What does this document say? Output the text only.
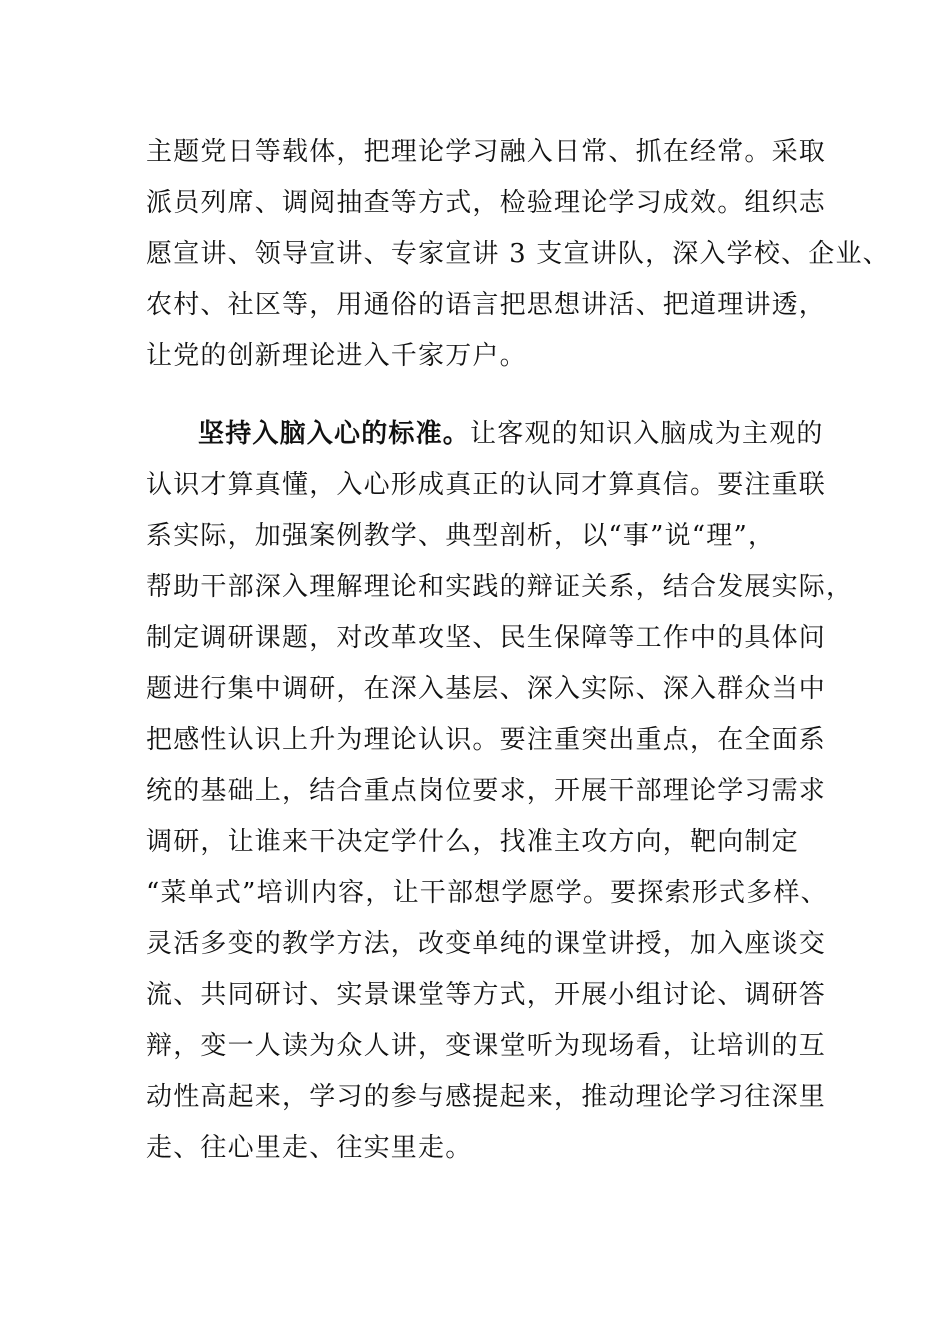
主题党日等载体，把理论学习融入日常、抓在经常。采取
派员列席、调阅抽查等方式，检验理论学习成效。组织志
愿宣讲、领导宣讲、专家宣讲 3 支宣讲队，深入学校、企业、
农村、社区等，用通俗的语言把思想讲活、把道理讲透，
让党的创新理论进入千家万户。
坚持入脑入心的标准。让客观的知识入脑成为主观的
认识才算真懂，入心形成真正的认同才算真信。要注重联
系实际，加强案例教学、典型剖析，以“事”说“理”，
帮助干部深入理解理论和实践的辩证关系，结合发展实际，
制定调研课题，对改革攻坚、民生保障等工作中的具体问
题进行集中调研，在深入基层、深入实际、深入群众当中
把感性认识上升为理论认识。要注重突出重点，在全面系
统的基础上，结合重点岗位要求，开展干部理论学习需求
调研，让谁来干决定学什么，找准主攻方向，靶向制定
“菜单式”培训内容，让干部想学愿学。要探索形式多样、
灵活多变的教学方法，改变单纯的课堂讲授，加入座谈交
流、共同研讨、实景课堂等方式，开展小组讨论、调研答
辩，变一人读为众人讲，变课堂听为现场看，让培训的互
动性高起来，学习的参与感提起来，推动理论学习往深里
走、往心里走、往实里走。
